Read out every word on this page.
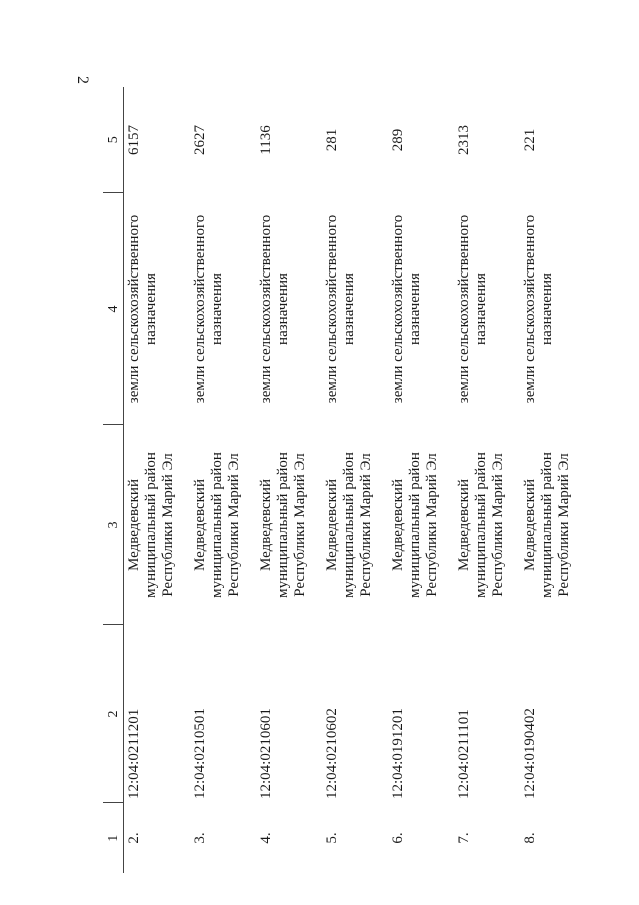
2
1	2	3	4	5
2.	12:04:0211201	Медведевский
муниципальный район
Республики Марий Эл	земли сельскохозяйственного
назначения	6157
3.	12:04:0210501	Медведевский
муниципальный район
Республики Марий Эл	земли сельскохозяйственного
назначения	2627
4.	12:04:0210601	Медведевский
муниципальный район
Республики Марий Эл	земли сельскохозяйственного
назначения	1136
5.	12:04:0210602	Медведевский
муниципальный район
Республики Марий Эл	земли сельскохозяйственного
назначения	281
6.	12:04:0191201	Медведевский
муниципальный район
Республики Марий Эл	земли сельскохозяйственного
назначения	289
7.	12:04:0211101	Медведевский
муниципальный район
Республики Марий Эл	земли сельскохозяйственного
назначения	2313
8.	12:04:0190402	Медведевский
муниципальный район
Республики Марий Эл	земли сельскохозяйственного
назначения	221
